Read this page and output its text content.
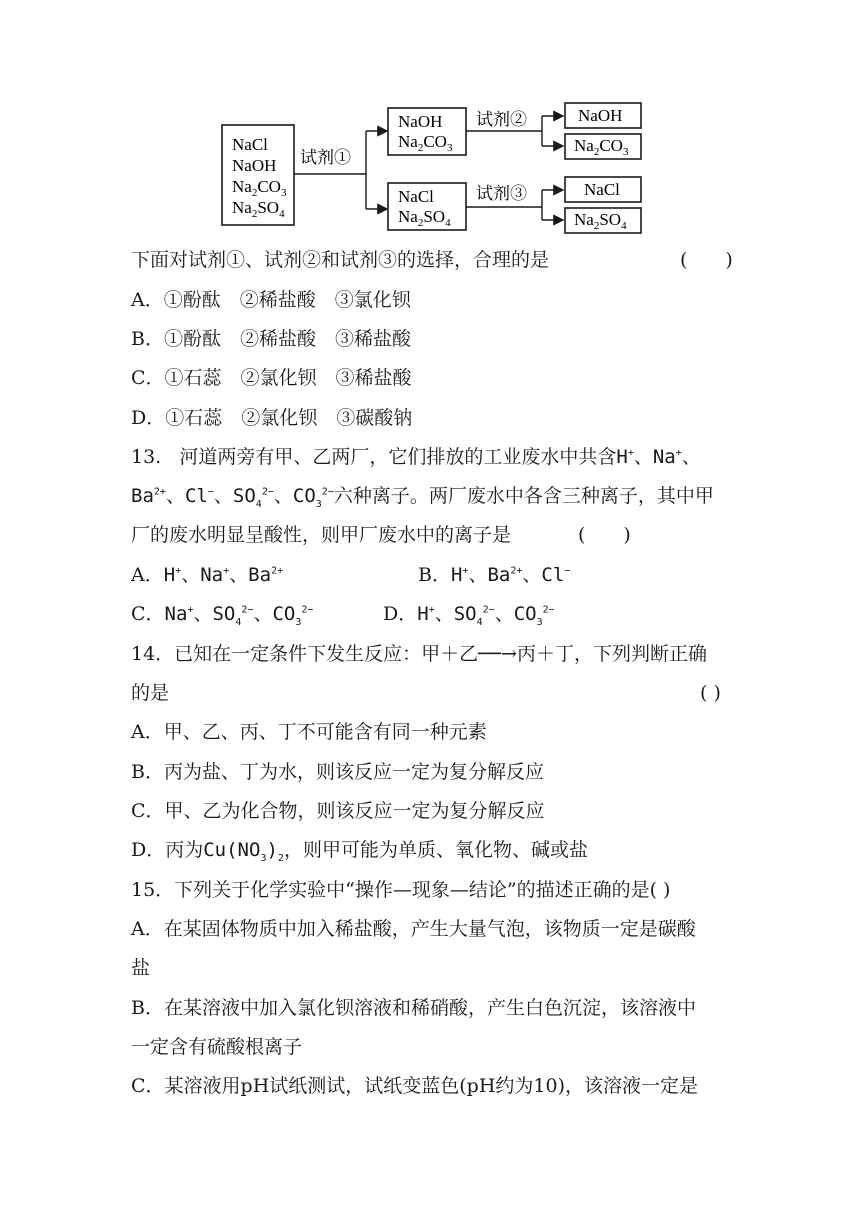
NaCl
NaOH
$Na_2CO_3$
$Na_2SO_4$
试剂①
NaOH
$Na_2CO_3$
NaCl
$Na_2SO_4$
试剂②
试剂③
NaOH
$Na_2CO_3$
NaCl
$Na_2SO_4$
下面对试剂①、试剂②和试剂③的选择，合理的是	(　　)
A．①酚酞　②稀盐酸　③氯化钡
B．①酚酞　②稀盐酸　③稀盐酸
C．①石蕊　②氯化钡　③稀盐酸
D．①石蕊　②氯化钡　③碳酸钠
13. 河道两旁有甲、乙两厂，它们排放的工业废水中共含H+、Na+、
$Ba^{2+}$、Cl−、$SO_4^{2-}$、$CO_3^{2-}$六种离子。两厂废水中各含三种离子，其中甲
厂的废水明显呈酸性，则甲厂废水中的离子是	(　　)
A．H+、Na+、$Ba^{2+}$	B．H+、$Ba^{2+}$、Cl−
C．Na+、$SO_4^{2-}$、$CO_3^{2-}$	D．H+、$SO_4^{2-}$、$CO_3^{2-}$
14．已知在一定条件下发生反应：甲＋乙──→丙＋丁，下列判断正确
的是	( )
A．甲、乙、丙、丁不可能含有同一种元素
B．丙为盐、丁为水，则该反应一定为复分解反应
C．甲、乙为化合物，则该反应一定为复分解反应
D．丙为$Cu(NO_3)_2$，则甲可能为单质、氧化物、碱或盐
15．下列关于化学实验中“操作—现象—结论”的描述正确的是( )
A．在某固体物质中加入稀盐酸，产生大量气泡，该物质一定是碳酸
盐
B．在某溶液中加入氯化钡溶液和稀硝酸，产生白色沉淀，该溶液中
一定含有硫酸根离子
C．某溶液用pH试纸测试，试纸变蓝色(pH约为10)，该溶液一定是
